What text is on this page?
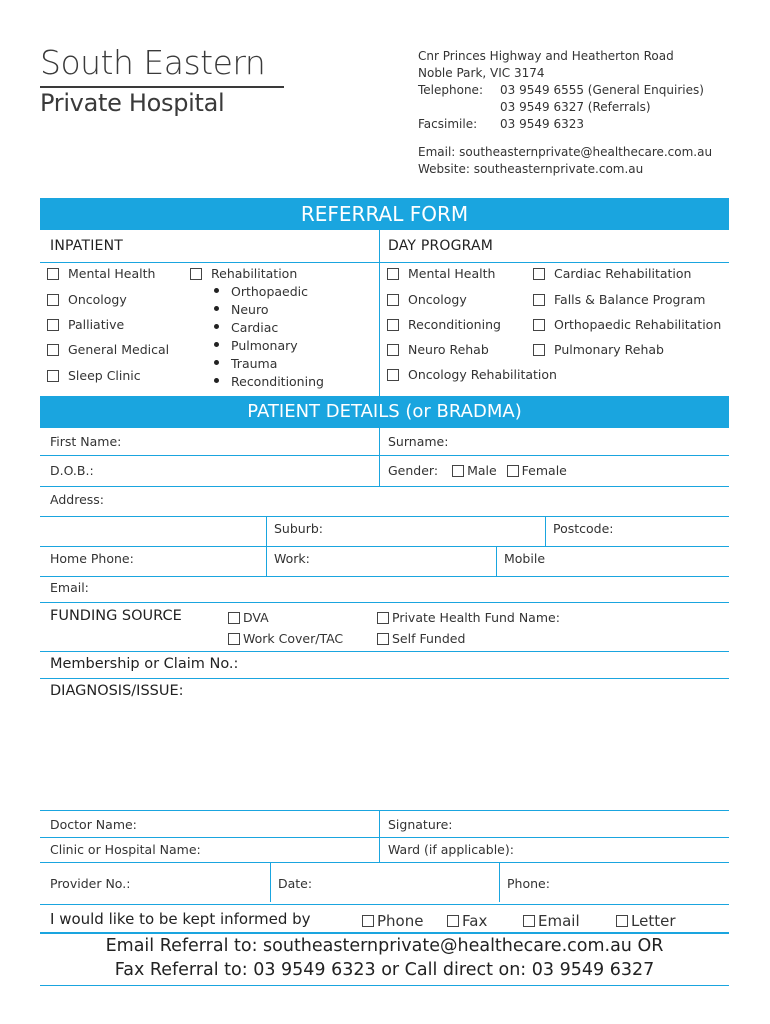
South Eastern
Private Hospital
Cnr Princes Highway and Heatherton Road
Noble Park, VIC 3174
Telephone: 03 9549 6555 (General Enquiries)
03 9549 6327 (Referrals)
Facsimile: 03 9549 6323
Email: southeasternprivate@healthecare.com.au
Website: southeasternprivate.com.au
REFERRAL FORM
INPATIENT	DAY PROGRAM
Mental Health
Oncology
Palliative
General Medical
Sleep Clinic
Rehabilitation
Orthopaedic
Neuro
Cardiac
Pulmonary
Trauma
Reconditioning
Mental Health
Oncology
Reconditioning
Neuro Rehab
Oncology Rehabilitation
Cardiac Rehabilitation
Falls & Balance Program
Orthopaedic Rehabilitation
Pulmonary Rehab
PATIENT DETAILS (or BRADMA)
First Name:	Surname:
D.O.B.:	Gender: Male Female
Address:
Suburb:	Postcode:
Home Phone:	Work:	Mobile
Email:
FUNDING SOURCE	DVA
Work Cover/TAC
Private Health Fund Name:
Self Funded
Membership or Claim No.:
DIAGNOSIS/ISSUE:
Doctor Name:	Signature:
Clinic or Hospital Name:	Ward (if applicable):
Provider No.:	Date:	Phone:
I would like to be kept informed by	Phone	Fax	Email	Letter
Email Referral to: southeasternprivate@healthecare.com.au OR
Fax Referral to: 03 9549 6323 or Call direct on: 03 9549 6327
